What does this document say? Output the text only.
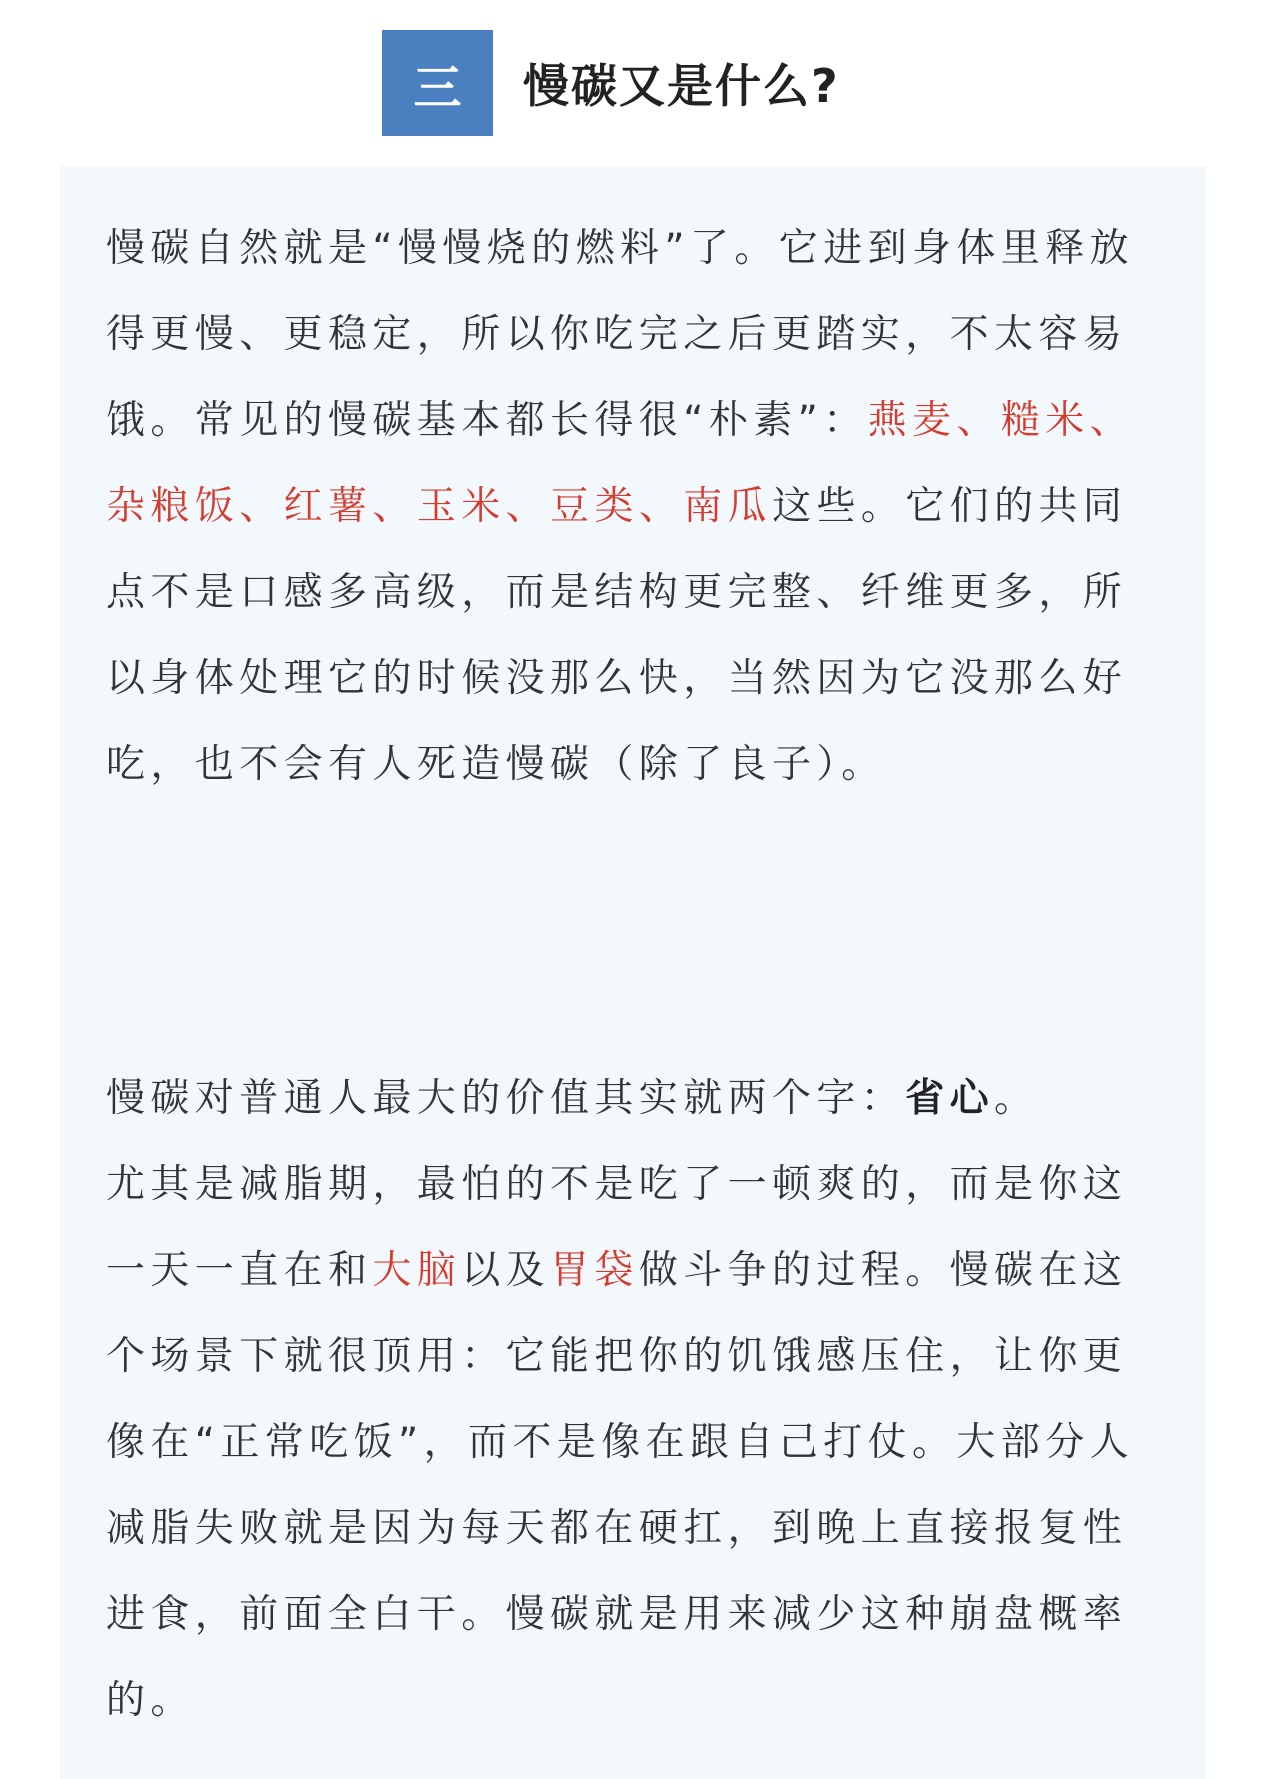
三	慢碳又是什么?

慢碳自然就是“慢慢烧的燃料”了。它进到身体里释放得更慢、更稳定，所以你吃完之后更踏实，不太容易饿。常见的慢碳基本都长得很“朴素”：燕麦、糙米、杂粮饭、红薯、玉米、豆类、南瓜这些。它们的共同点不是口感多高级，而是结构更完整、纤维更多，所以身体处理它的时候没那么快，当然因为它没那么好吃，也不会有人死造慢碳（除了良子）。

慢碳对普通人最大的价值其实就两个字：省心。
尤其是减脂期，最怕的不是吃了一顿爽的，而是你这一天一直在和大脑以及胃袋做斗争的过程。慢碳在这个场景下就很顶用：它能把你的饥饿感压住，让你更像在“正常吃饭”，而不是像在跟自己打仗。大部分人减脂失败就是因为每天都在硬扛，到晚上直接报复性进食，前面全白干。慢碳就是用来减少这种崩盘概率的。
